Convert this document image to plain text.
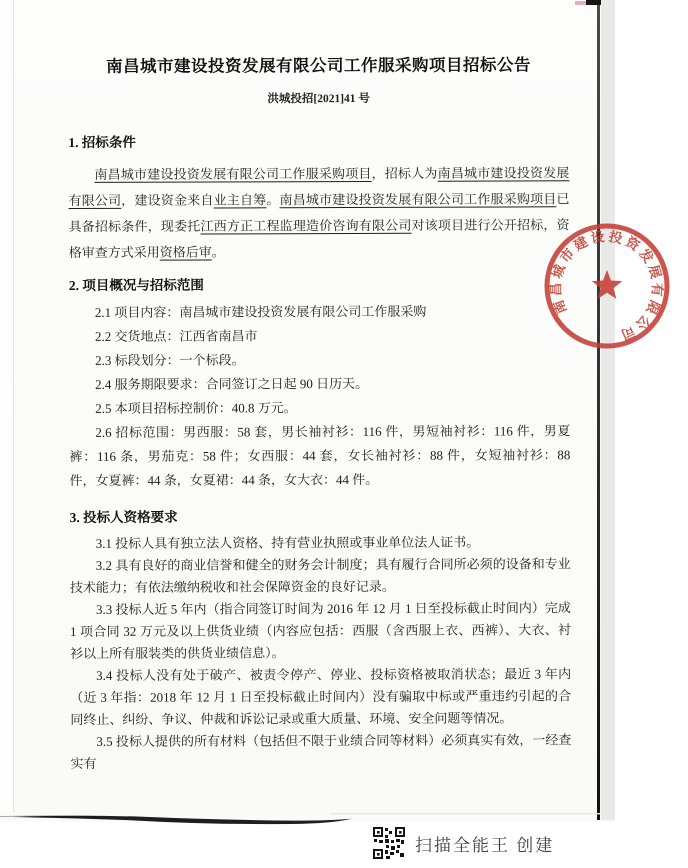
南昌城市建设投资发展有限公司工作服采购项目招标公告
洪城投招[2021]41 号
1. 招标条件

南昌城市建设投资发展有限公司工作服采购项目，招标人为南昌城市建设投资发展有限公司，建设资金来自业主自筹。南昌城市建设投资发展有限公司工作服采购项目已具备招标条件，现委托江西方正工程监理造价咨询有限公司对该项目进行公开招标，资格审查方式采用资格后审。

2. 项目概况与招标范围

2.1 项目内容：南昌城市建设投资发展有限公司工作服采购

2.2 交货地点：江西省南昌市

2.3 标段划分：一个标段。

2.4 服务期限要求：合同签订之日起 90 日历天。

2.5 本项目招标控制价：40.8 万元。

2.6 招标范围：男西服：58 套，男长袖衬衫：116 件，男短袖衬衫：116 件，男夏裤：116 条，男茄克：58 件；女西服：44 套，女长袖衬衫：88 件，女短袖衬衫：88 件，女夏裤：44 条，女夏裙：44 条，女大衣：44 件。

3. 投标人资格要求

3.1 投标人具有独立法人资格、持有营业执照或事业单位法人证书。

3.2 具有良好的商业信誉和健全的财务会计制度；具有履行合同所必须的设备和专业技术能力；有依法缴纳税收和社会保障资金的良好记录。

3.3 投标人近 5 年内（指合同签订时间为 2016 年 12 月 1 日至投标截止时间内）完成 1 项合同 32 万元及以上供货业绩（内容应包括：西服（含西服上衣、西裤）、大衣、衬衫以上所有服装类的供货业绩信息）。

3.4 投标人没有处于破产、被责令停产、停业、投标资格被取消状态；最近 3 年内（近 3 年指：2018 年 12 月 1 日至投标截止时间内）没有骗取中标或严重违约引起的合同终止、纠纷、争议、仲裁和诉讼记录或重大质量、环境、安全问题等情况。

3.5 投标人提供的所有材料（包括但不限于业绩合同等材料）必须真实有效，一经查实有

南昌城市建设投资发展有限公司
扫描全能王 创建
